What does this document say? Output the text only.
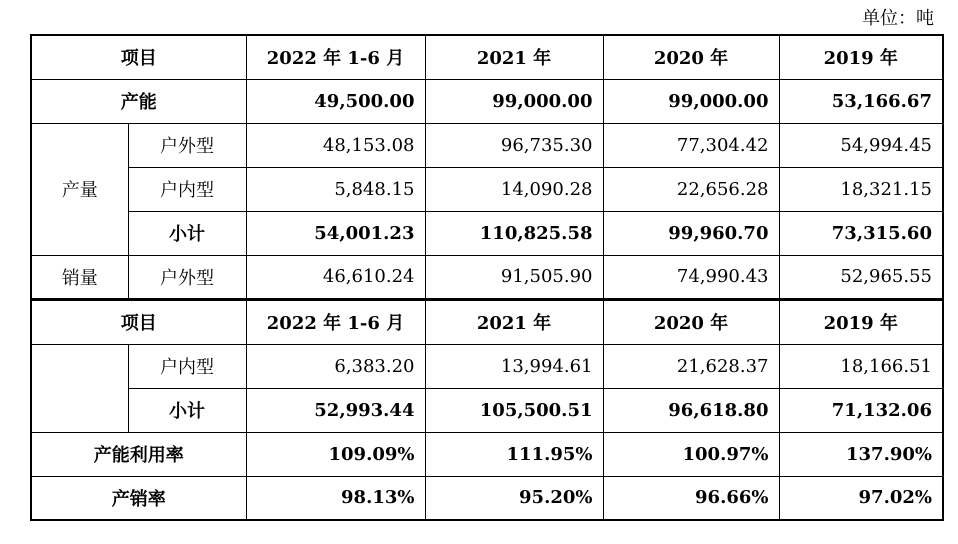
单位：吨
项目		2022 年 1-6 月	2021 年	2020 年	2019 年
产能		49,500.00	99,000.00	99,000.00	53,166.67
产量	户外型	48,153.08	96,735.30	77,304.42	54,994.45
	户内型	5,848.15	14,090.28	22,656.28	18,321.15
	小计	54,001.23	110,825.58	99,960.70	73,315.60
销量	户外型	46,610.24	91,505.90	74,990.43	52,965.55
项目		2022 年 1-6 月	2021 年	2020 年	2019 年
	户内型	6,383.20	13,994.61	21,628.37	18,166.51
	小计	52,993.44	105,500.51	96,618.80	71,132.06
产能利用率		109.09%	111.95%	100.97%	137.90%
产销率		98.13%	95.20%	96.66%	97.02%
